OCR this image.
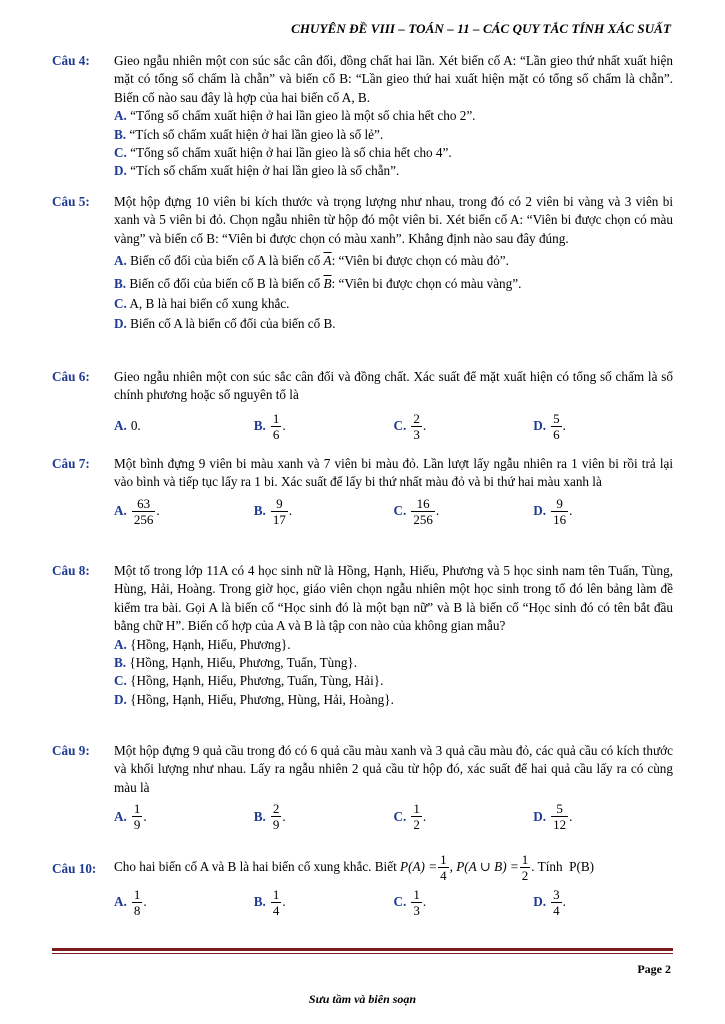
CHUYÊN ĐỀ VIII – TOÁN – 11 – CÁC QUY TẮC TÍNH XÁC SUẤT
Câu 4:	Gieo ngẫu nhiên một con súc sắc cân đối, đồng chất hai lần. Xét biến cố A: “Lần gieo thứ nhất xuất hiện mặt có tổng số chấm là chẵn” và biến cố B: “Lần gieo thứ hai xuất hiện mặt có tổng số chấm là chẵn”. Biến cố nào sau đây là hợp của hai biến cố A, B.
A. “Tổng số chấm xuất hiện ở hai lần gieo là một số chia hết cho 2”.
B. “Tích số chấm xuất hiện ở hai lần gieo là số lẻ”.
C. “Tổng số chấm xuất hiện ở hai lần gieo là số chia hết cho 4”.
D. “Tích số chấm xuất hiện ở hai lần gieo là số chẵn”.
Câu 5:	Một hộp đựng 10 viên bi kích thước và trọng lượng như nhau, trong đó có 2 viên bi vàng và 3 viên bi xanh và 5 viên bi đỏ. Chọn ngẫu nhiên từ hộp đó một viên bi. Xét biến cố A: “Viên bi được chọn có màu vàng” và biến cố B: “Viên bi được chọn có màu xanh”. Khẳng định nào sau đây đúng.
A. Biến cố đối của biến cố A là biến cố $\overline{A}$: “Viên bi được chọn có màu đỏ”.
B. Biến cố đối của biến cố B là biến cố $\overline{B}$: “Viên bi được chọn có màu vàng”.
C. A, B là hai biến cố xung khắc.
D. Biến cố A là biến cố đối của biến cố B.
Câu 6:	Gieo ngẫu nhiên một con súc sắc cân đối và đồng chất. Xác suất để mặt xuất hiện có tổng số chấm là số chính phương hoặc số nguyên tố là
A. 0 .	B. $\frac{1}{6}$ .	C. $\frac{2}{3}$ .	D. $\frac{5}{6}$ .
Câu 7:	Một bình đựng 9 viên bi màu xanh và 7 viên bi màu đỏ. Lần lượt lấy ngẫu nhiên ra 1 viên bi rồi trả lại vào bình và tiếp tục lấy ra 1 bi. Xác suất để lấy bi thứ nhất màu đỏ và bi thứ hai màu xanh là
A. $\frac{63}{256}$ .	B. $\frac{9}{17}$ .	C. $\frac{16}{256}$ .	D. $\frac{9}{16}$ .
Câu 8:	Một tổ trong lớp 11A có 4 học sinh nữ là Hồng, Hạnh, Hiếu, Phương và 5 học sinh nam tên Tuấn, Tùng, Hùng, Hải, Hoàng. Trong giờ học, giáo viên chọn ngẫu nhiên một học sinh trong tổ đó lên bảng làm đề kiểm tra bài. Gọi A là biến cố “Học sinh đó là một bạn nữ” và B là biến cố “Học sinh đó có tên bắt đầu bằng chữ H”. Biến cố hợp của A và B là tập con nào của không gian mẫu?
A. {Hồng, Hạnh, Hiếu, Phương}.
B. {Hồng, Hạnh, Hiếu, Phương, Tuấn, Tùng}.
C. {Hồng, Hạnh, Hiếu, Phương, Tuấn, Tùng, Hải}.
D. {Hồng, Hạnh, Hiếu, Phương, Hùng, Hải, Hoàng}.
Câu 9:	Một hộp đựng 9 quả cầu trong đó có 6 quả cầu màu xanh và 3 quả cầu màu đỏ, các quả cầu có kích thước và khối lượng như nhau. Lấy ra ngẫu nhiên 2 quả cầu từ hộp đó, xác suất để hai quả cầu lấy ra có cùng màu là
A. $\frac{1}{9}$ .	B. $\frac{2}{9}$ .	C. $\frac{1}{2}$ .	D. $\frac{5}{12}$ .
Câu 10:	Cho hai biến cố A và B là hai biến cố xung khắc. Biết $P(A) = \frac{1}{4}$ , P(A ∪ $B) = \frac{1}{2}$ . Tính  P(B)
A. $\frac{1}{8}$ .	B. $\frac{1}{4}$ .	C. $\frac{1}{3}$ .	D. $\frac{3}{4}$ .
Page 2
Sưu tầm và biên soạn
